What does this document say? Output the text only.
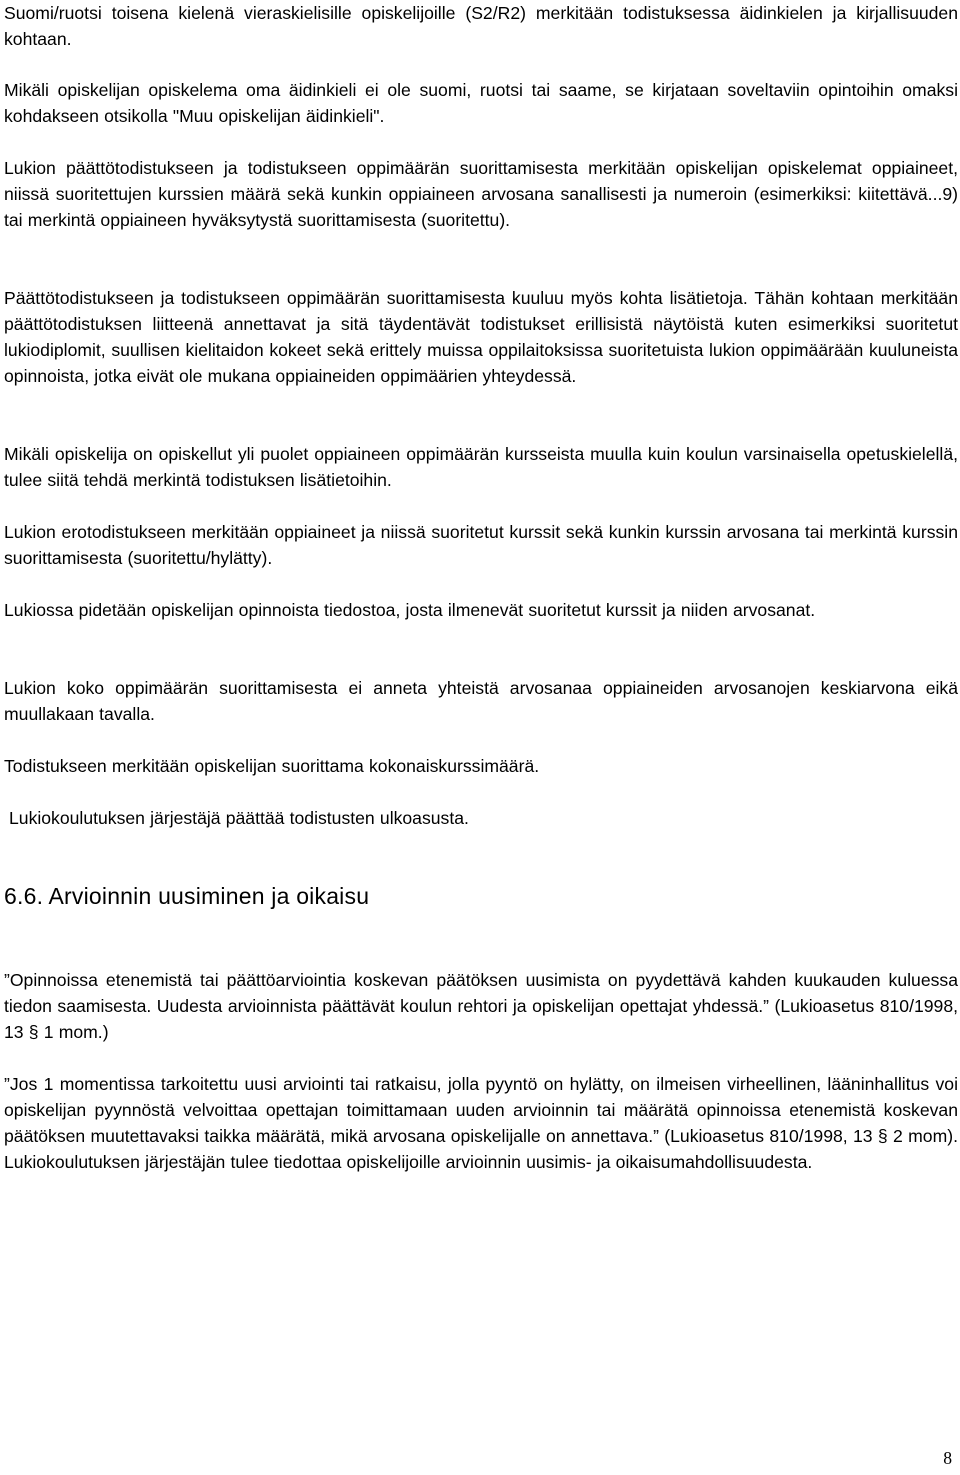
Suomi/ruotsi toisena kielenä vieraskielisille opiskelijoille (S2/R2) merkitään todistuksessa äidinkielen ja kirjallisuuden kohtaan.

Mikäli opiskelijan opiskelema oma äidinkieli ei ole suomi, ruotsi tai saame, se kirjataan soveltaviin opintoihin omaksi kohdakseen otsikolla "Muu opiskelijan äidinkieli".

Lukion päättötodistukseen ja todistukseen oppimäärän suorittamisesta merkitään opiskelijan opiskelemat oppiaineet, niissä suoritettujen kurssien määrä sekä kunkin oppiaineen arvosana sanallisesti ja numeroin (esimerkiksi: kiitettävä...9) tai merkintä oppiaineen hyväksytystä suorittamisesta (suoritettu).

Päättötodistukseen ja todistukseen oppimäärän suorittamisesta kuuluu myös kohta lisätietoja. Tähän kohtaan merkitään päättötodistuksen liitteenä annettavat ja sitä täydentävät todistukset erillisistä näytöistä kuten esimerkiksi suoritetut lukiodiplomit, suullisen kielitaidon kokeet sekä erittely muissa oppilaitoksissa suoritetuista lukion oppimäärään kuuluneista opinnoista, jotka eivät ole mukana oppiaineiden oppimäärien yhteydessä.

Mikäli opiskelija on opiskellut yli puolet oppiaineen oppimäärän kursseista muulla kuin koulun varsinaisella opetuskielellä, tulee siitä tehdä merkintä todistuksen lisätietoihin.

Lukion erotodistukseen merkitään oppiaineet ja niissä suoritetut kurssit sekä kunkin kurssin arvosana tai merkintä kurssin suorittamisesta (suoritettu/hylätty).

Lukiossa pidetään opiskelijan opinnoista tiedostoa, josta ilmenevät suoritetut kurssit ja niiden arvosanat.

Lukion koko oppimäärän suorittamisesta ei anneta yhteistä arvosanaa oppiaineiden arvosanojen keskiarvona eikä muullakaan tavalla.

Todistukseen merkitään opiskelijan suorittama kokonaiskurssimäärä.

Lukiokoulutuksen järjestäjä päättää todistusten ulkoasusta.

6.6. Arvioinnin uusiminen ja oikaisu

”Opinnoissa etenemistä tai päättöarviointia koskevan päätöksen uusimista on pyydettävä kahden kuukauden kuluessa tiedon saamisesta. Uudesta arvioinnista päättävät koulun rehtori ja opiskelijan opettajat yhdessä.” (Lukioasetus 810/1998, 13 § 1 mom.)

”Jos 1 momentissa tarkoitettu uusi arviointi tai ratkaisu, jolla pyyntö on hylätty, on ilmeisen virheellinen, lääninhallitus voi opiskelijan pyynnöstä velvoittaa opettajan toimittamaan uuden arvioinnin tai määrätä opinnoissa etenemistä koskevan päätöksen muutettavaksi taikka määrätä, mikä arvosana opiskelijalle on annettava.” (Lukioasetus 810/1998, 13 § 2 mom). Lukiokoulutuksen järjestäjän tulee tiedottaa opiskelijoille arvioinnin uusimis- ja oikaisumahdollisuudesta.

8
